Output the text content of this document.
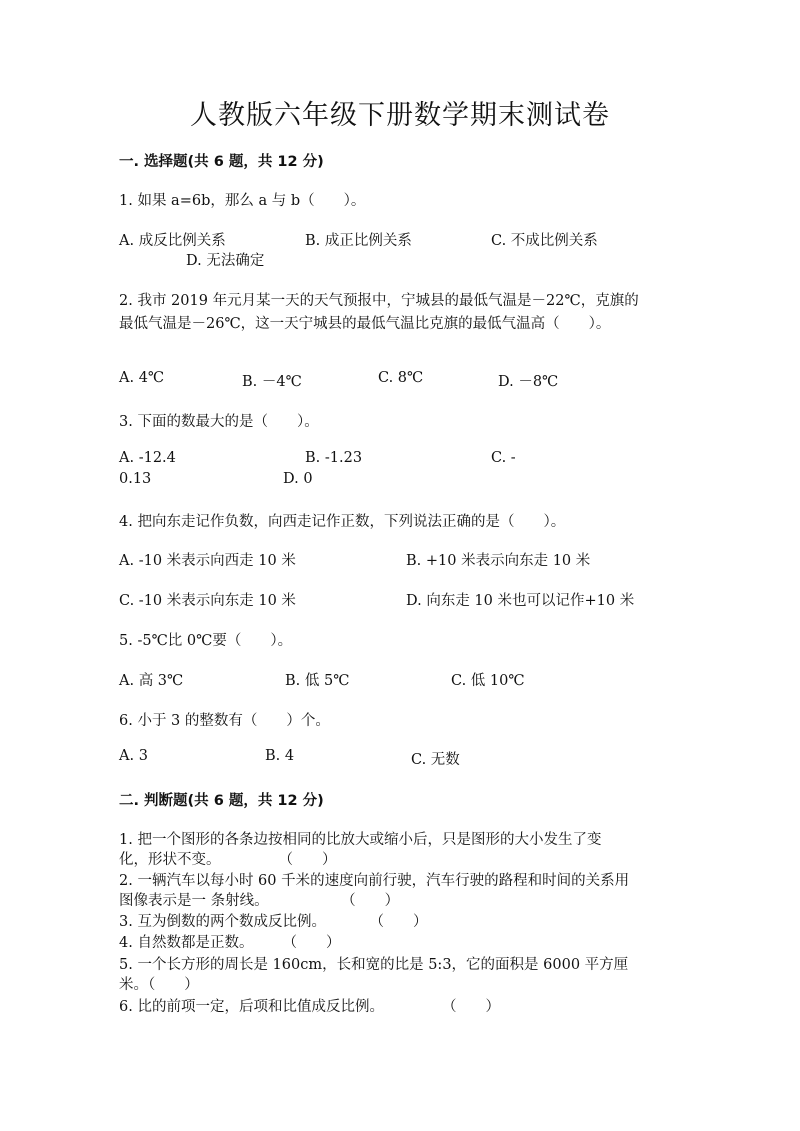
人教版六年级下册数学期末测试卷
一. 选择题(共 6 题，共 12 分)
1. 如果 a=6b，那么 a 与 b（　　）。
A. 成反比例关系	B. 成正比例关系	C. 不成比例关系
D. 无法确定
2. 我市 2019 年元月某一天的天气预报中，宁城县的最低气温是－22℃，克旗的
最低气温是－26℃，这一天宁城县的最低气温比克旗的最低气温高（　　）。
A. 4℃	B. －4℃	C. 8℃	D. －8℃
3. 下面的数最大的是（　　）。
A. -12.4	B. -1.23	C. -
0.13	D. 0
4. 把向东走记作负数，向西走记作正数，下列说法正确的是（　　）。
A. -10 米表示向西走 10 米	B. +10 米表示向东走 10 米
C. -10 米表示向东走 10 米	D. 向东走 10 米也可以记作+10 米
5. -5℃比 0℃要（　　）。
A. 高 3℃	B. 低 5℃	C. 低 10℃
6. 小于 3 的整数有（　　）个。
A. 3	B. 4	C. 无数
二. 判断题(共 6 题，共 12 分)
1. 把一个图形的各条边按相同的比放大或缩小后，只是图形的大小发生了变
化，形状不变。　　　　　（　　）
2. 一辆汽车以每小时 60 千米的速度向前行驶，汽车行驶的路程和时间的关系用
图像表示是一 条射线。　　　　　　（　　）
3. 互为倒数的两个数成反比例。　　　　（　　）
4. 自然数都是正数。　　　（　　）
5. 一个长方形的周长是 160cm，长和宽的比是 5:3，它的面积是 6000 平方厘
米。（　　）
6. 比的前项一定，后项和比值成反比例。　　　　　（　　）
